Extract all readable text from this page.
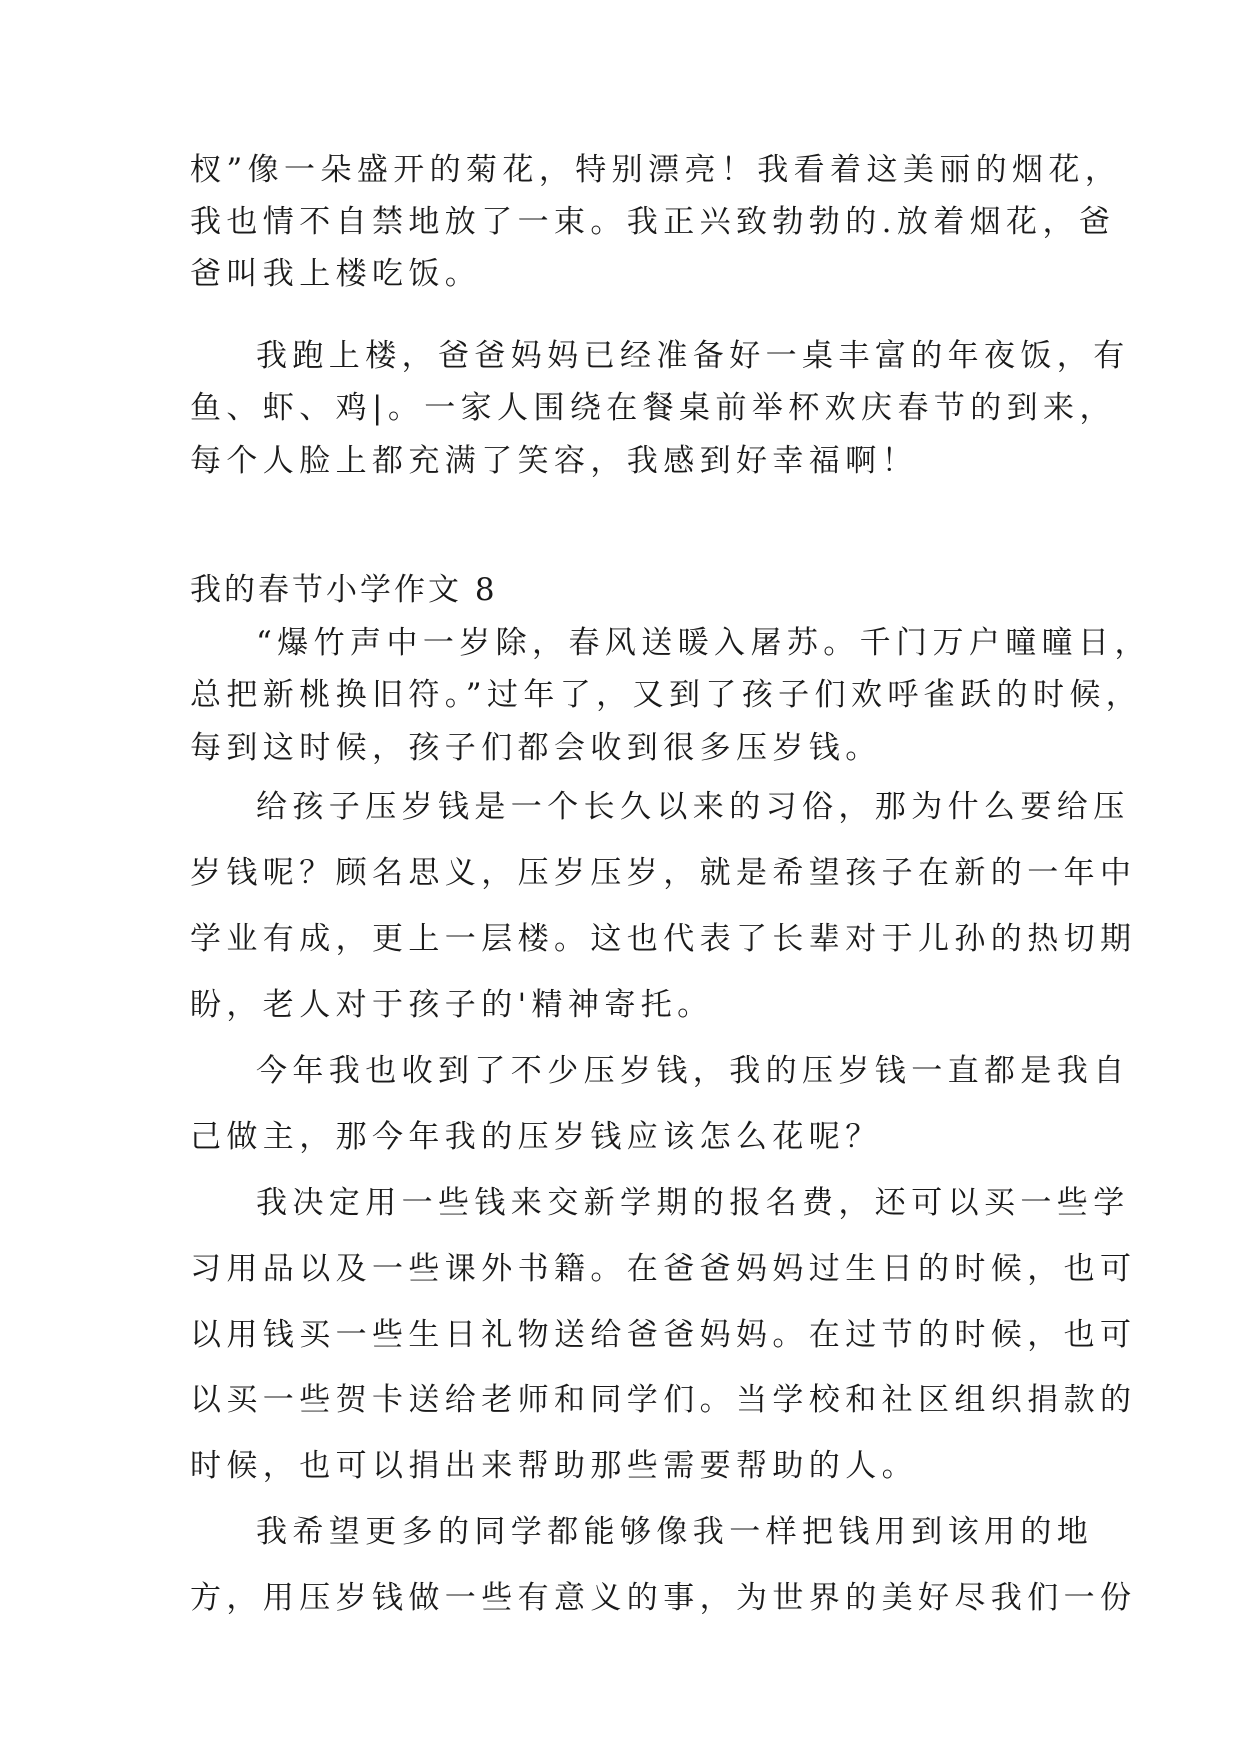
杈”像一朵盛开的菊花，特别漂亮！我看着这美丽的烟花，

我也情不自禁地放了一束。我正兴致勃勃的.放着烟花，爸

爸叫我上楼吃饭。

我跑上楼，爸爸妈妈已经准备好一桌丰富的年夜饭，有

鱼、虾、鸡|。一家人围绕在餐桌前举杯欢庆春节的到来，

每个人脸上都充满了笑容，我感到好幸福啊！

我的春节小学作文 8

“爆竹声中一岁除，春风送暖入屠苏。千门万户曈曈日，

总把新桃换旧符。”过年了，又到了孩子们欢呼雀跃的时候，

每到这时候，孩子们都会收到很多压岁钱。

给孩子压岁钱是一个长久以来的习俗，那为什么要给压

岁钱呢？顾名思义，压岁压岁，就是希望孩子在新的一年中

学业有成，更上一层楼。这也代表了长辈对于儿孙的热切期

盼，老人对于孩子的'精神寄托。

今年我也收到了不少压岁钱，我的压岁钱一直都是我自

己做主，那今年我的压岁钱应该怎么花呢？

我决定用一些钱来交新学期的报名费，还可以买一些学

习用品以及一些课外书籍。在爸爸妈妈过生日的时候，也可

以用钱买一些生日礼物送给爸爸妈妈。在过节的时候，也可

以买一些贺卡送给老师和同学们。当学校和社区组织捐款的

时候，也可以捐出来帮助那些需要帮助的人。

我希望更多的同学都能够像我一样把钱用到该用的地

方，用压岁钱做一些有意义的事，为世界的美好尽我们一份
